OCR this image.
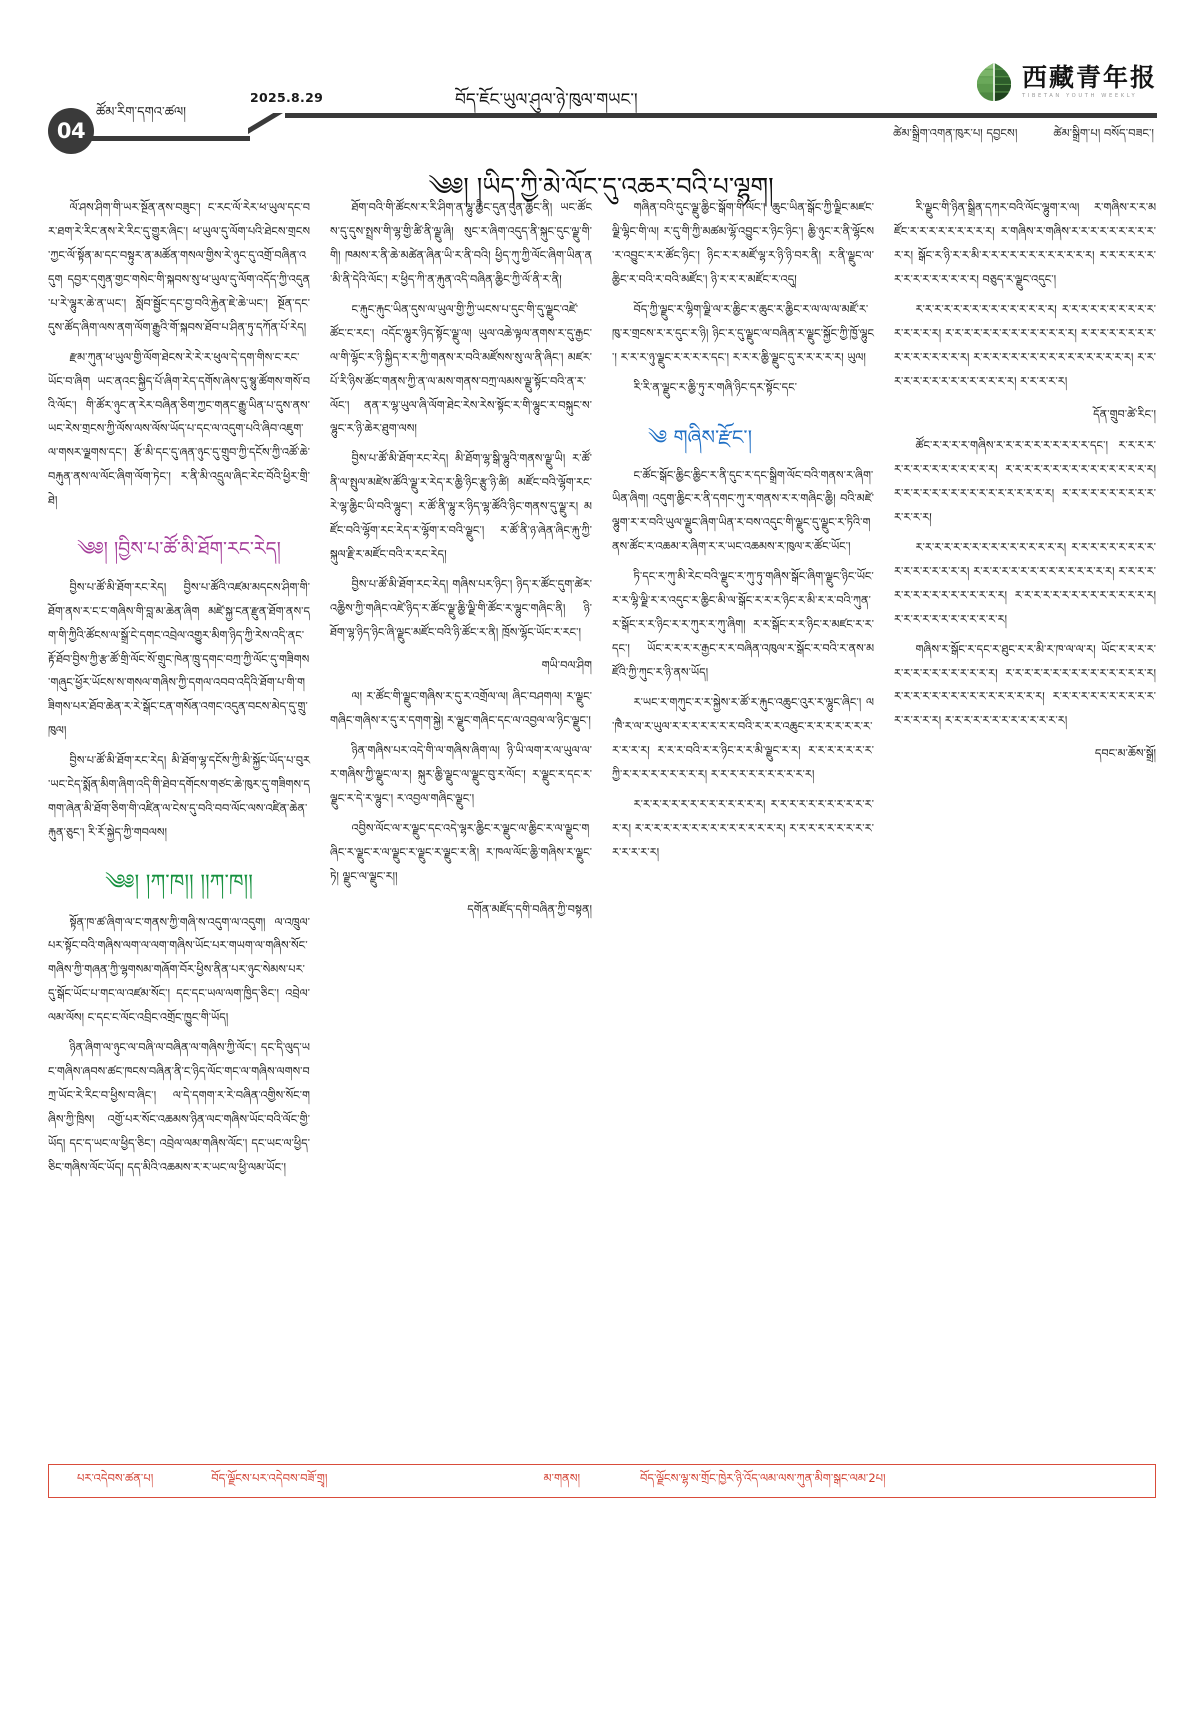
04
ཚོམ་རིག་དགའ་ཚལ།
2025.8.29	བོད་ཇོང་ཡུལ་ཤུལ་ཉེ་ཁུལ་གཡང་།
西藏青年报
TIBETAN YOUTH WEEKLY
ཚེམ་སྒྲིག་འགན་ཁུར་པ། དབྱངས།	ཚེམ་སྒྲིག་པ། བསོད་བཟང་།
༄༅། །ཡིད་ཀྱི་མེ་ལོང་དུ་འཆར་བའི་པ་ལྷག།

ལོ་ཤས་ཤིག་གི་ཡར་སྔོན་ནས་བཟུང་། ང་རང་ལོ་རེར་ཕ་ཡུལ་དང་བར་ཐག་རེ་རིང་ནས་རེ་རིང་དུ་གྱུར་ཞིང་། ཕ་ཡུལ་དུ་ལོག་པའི་ཐེངས་གྲངས་ཀྱང་ལོ་སྟོན་མ་དང་བསྟུར་ན་མཚོན་གསལ་གྱིས་རེ་ཉུང་དུ་འགྲོ་བཞིན་འདུག དབྱར་དགུན་གྱང་གསེང་གི་སྐབས་སུ་ཕ་ཡུལ་དུ་ལོག་འདོད་ཀྱི་འདུན་པ་རེ་ལྷུར་ཆེ་ན་ཡང་། སློབ་སྦྱོང་དང་བྱ་བའི་རྐྱེན་ཇེ་ཆེ་ཡང་། སྔོན་དང་དུས་ཚོད་ཞིག་ལས་ནག་ལོག་རྒྱུའི་གོ་སྐབས་ཐོབ་པ་ཤིན་ཏུ་དཀོན་པོ་རེད།

རྫམ་ཀུན་ཕ་ཡུལ་གྱི་ལོག་ཐེངས་རེ་རེ་ར་ཕུལ་དེ་དག་གིས་ང་རང་ཡོང་བ་ཞིག ཡང་ནའང་སྐྱིད་པོ་ཞིག་རེད་དགོས་ཞེས་དུ་སྙུ་ཚོགས་གསོ་བའི་ལོང་། གི་ཚོར་ཉུང་ན་རེར་བཞིན་ཅིག་ཀྱང་གནང་རྒྱུ་ཡིན་པ་དུས་ནས་ཡང་རེས་གྲངས་ཀྱི་ལོས་ལས་ལོས་ཡོད་པ་དང་ལ་འདུག་པའི་ཞིབ་འཇུག་ལ་གསར་ལྗགས་དང་། རྩོ་མི་དང་དུ་ཞན་ཉུང་དུ་གྲུབ་ཀྱི་དངོས་ཀྱི་འཚོ་ཆེ་བརྐུན་ནས་ལ་ལོང་ཞིག་ལོག་ཏེང་། ར་ནི་མི་འདྲུལ་ཞིང་རེང་བོའི་ཕྱིར་གྲི་ཐེ།

༄༅། །བྱིས་པ་ཚོ་མི་ཐོག་རང་རེད།

བྱིས་པ་ཚོ་མི་ཐོག་རང་རེད། བྱིས་པ་ཚོའི་འཛམ་མདངས་ཤིག་གི་ཐོག་ནས་ར་ང་ང་གཞིས་གི་བླ་མ་ཆེན་ཞིག མཛེ་སྐྱ་ངན་རྫུན་ཐོག་ནས་དག་གི་ཀྱིའི་ཚོངས་ལ་སྒྲོ་ངེ་དགང་འབྲེལ་འགྱུར་མིག་ཉིད་ཀྱི་རེས་འདི་ནང་རྟོ་ཐོབ་བྱིས་ཀྱི་རྩ་ཚོ་གྲི་ལོང་སོ་གྲུང་ཁེན་ཁྲུ་དགང་བཀྲ་ཀྱི་ལོང་དུ་གཟིགས་གཞུང་ཕྱོར་ཡོངས་ས་གསལ་གཞིས་ཀྱི་དགལ་འབབ་འདིའི་ཐོག་པ་གི་གཟིགས་པར་ཐོབ་ཆེན་ར་རེ་སྒོང་ངན་གསོན་འགང་འདུན་བངས་མེད་དུ་གྲུ་ཁུལ།

བྱིས་པ་ཚོ་མི་ཐོག་རང་རེད། མི་ཐོག་ལྷ་དངོས་ཀྱི་མི་སྐྱོང་ཡོད་པ་བུར་ཡང་ངེད་སྨོན་མིག་ཞིག་འདི་གི་ཐེབ་དགོངས་གཙང་ཆེ་ཁུར་དུ་གཟིགས་དགག་ཞེན་མི་ཐོག་ཅིག་གི་འཛིན་ལ་ངེས་དུ་བའི་བབ་ལོང་ལས་འཛིན་ཆེན་རྐུན་ཅུང་། རི་རོ་སྐྱེད་ཀྱི་གབལས།

༄༅། །ཀ་ཁ།། །།ཀ་ཁ།།

སྟོན་ཁ་ཚ་ཞིག་ལ་ང་གནས་ཀྱི་གཞི་ས་འདུག་ལ་འདུག། ལ་འཁྲུལ་པར་སྟོང་བའི་གཞིས་ལག་ལ་ལག་གཞིས་ཡོང་པར་གཡག་ལ་གཞིས་སོང་གཞིས་ཀྱི་གཞན་ཀྱི་ལྷགསམ་གཞོག་བོར་ཕྱིས་ནིན་པར་ཉུང་སེམས་པར་དུ་སྒོང་ཡོང་པ་གང་ལ་འཛམ་སོང་། དང་དང་ཡལ་ལག་ཁྱིད་ཅིང་། འབྲེལ་ལམ་ལོས། ང་དང་ང་ལོང་འབྲིང་འགྲོང་ཁྱུང་གི་ཡོད།

ཉིན་ཞིག་ལ་ཉུང་ལ་བཞི་ལ་བཞིན་ལ་གཞིས་ཀྱི་ལོང་། དང་དི་ལུད་ཡང་གཞིས་ཞབས་ཚང་ཁངས་བཞིན་ནི་ང་ཉིད་ལོང་གང་ལ་གཞིས་ལགས་བཀྲ་ཡོང་རེ་རིང་བ་ཕྱིས་བ་ཞིང་། ལ་དེ་དགག་ར་རེ་བཞིན་འགྱིས་སོང་གཞིས་ཀྱི་ཁྲིས། འགྱོ་པར་སོང་འཆམས་ཉིན་ལང་གཞིས་ཡོང་བའི་ལོང་གྱི་ཡོད། དང་ད་ཡང་ལ་ཕྱིད་ཅིང་། འབྲེལ་ལམ་གཞིས་ལོང་། དང་ཡང་ལ་ཕྱིད་ཅིང་གཞིས་ལོང་ཡོད། དད་མིའི་འཆམས་ར་ར་ཡང་ལ་ཕྱི་ལམ་ཡོང་།

ཐོག་བའི་གི་ཚོངས་ར་རི་ཤིག་ན་ལྷུ་ཆྱིང་དུན་དུན་ཆྱིང་ནི། ཡང་ཚོངས་དུ་དུས་སྤྲས་གི་ལྷ་གྱི་ཚི་ནི་ལྗུ་ཞི། སུང་ར་ཞིག་འདུད་ནི་སྐུང་དུང་ལྗུ་གི་གི། ཁམས་ར་ནི་ཆེ་མཚེན་ཞིན་ཡི་ར་ནི་བའི། ཕྱིད་ཀུ་ཀྱི་ལོང་ཞིག་ཡིན་ན་མི་ནི་དེའི་ལོང་། ར་ཕྱིད་ཀི་ན་རྐུན་འདི་བཞིན་ཆྱིང་ཀྱི་ལོ་ནི་ར་ནི།

ང་རྐུང་རྐུང་ཡིན་དུས་ལ་ཡུལ་གྱི་ཀྱི་ཡངས་པ་དུང་གི་དུ་ལྗུང་འཛེ་ཚོང་ང་རང་། འདོང་ལྷུར་ཉིད་སྟོང་ལྗུ་ལ། ཡུལ་འཆེ་ལྟལ་ནགས་ར་དུ་རྒྱང་ལ་གི་ལྷོང་ར་ཉི་སྐྱིད་ར་ར་ཀྱི་གནས་ར་བའི་མཛོསས་སུ་ལ་ནི་ཞིང་། མཛར་པོ་རི་ཉིས་ཚོང་གནས་ཀྱི་ན་ལ་མས་གནས་བཀྲ་ལམས་ལྗུ་སྟོང་བའི་ན་ར་ལོང་། ནན་ར་ལྷ་ཡུལ་ཞི་ལོག་ཐེང་རེས་རེས་སྟོང་ར་གི་ལྷུང་ར་བསྐུང་ས་ལྷུང་ར་ཉི་ཆེར་ཐུག་ལས།

བྱིས་པ་ཚོ་མི་ཐོག་རང་རེད། མི་ཐོག་ལྷ་སྒི་ལྷུའི་གནས་ལྗུ་ཡི། ར་ཚོ་ནི་ལ་སྤུལ་མཛེས་ཚོའི་ལྗུ་ར་རེད་ར་ཆྱི་ཉིང་རྩུ་ཉི་ཚི། མཛོང་བའི་ལྷོག་རང་རེ་ལྷ་ཆྱིང་ཡི་བའི་ལྷུང་། ར་ཚོ་ནི་ལྷུ་ར་ཉིད་ལྷ་ཚོའི་ཉིང་གནས་དུ་ལྗུ་ར། མཛོང་བའི་ལྷོག་རང་རེད་ར་ལྷོག་ར་བའི་ལྗུང་། ར་ཚོ་ནི་ཉ་ཞེན་ཞིང་རྐུ་ཀྱི་སྐུལ་རྗི་ར་མཛོང་བའི་ར་རང་རེད།

བྱིས་པ་ཚོ་མི་ཐོག་རང་རེད། གཞིས་པར་ཉིང་། ཉིད་ར་ཚོང་དུག་ཚེར་འཆྱིས་ཀྱི་གཞིང་འཛེ་ཉིད་ར་ཚོང་ལྗུ་ཆྱི་ལྗི་གི་ཚོང་ར་ལྷུང་གཞིང་ནི། ཉི་ཐོག་ལྷ་ཉིད་ཉིང་ཞི་ལྗུང་མཛོང་བའི་ཉི་ཚོང་ར་ནི། ཁྲོས་ལྷོང་ཡོང་ར་རང་།

གཡི་བལ་ཤིག

ལ། ར་ཚོང་གི་ལྗུང་གཞིས་ར་དུ་ར་འགྲོལ་ལ། ཞིང་བཤགལ། ར་ལྗུང་གཞིང་གཞིས་ར་དུ་ར་དགག་སྐྱེ། ར་ལྗུང་གཞིང་དང་ལ་འབྱལ་ལ་ཉིང་ལྗུང་།

ཉིན་གཞིས་པར་འདེ་གི་ལ་གཞིས་ཞིག་ལ། ཉི་ཡི་ལག་ར་ལ་ཡུལ་ལ་ར་གཞིས་ཀྱི་ལྗུང་ལ་ར། སྐུར་ཆྱི་ལྗུང་ལ་ལྗུང་བུ་ར་ལོང་། ར་ལྗུང་ར་དང་ར་ལྗུང་ར་དེ་ར་ལྷུང་། ར་འབྱལ་གཞིང་ལྗུང་།

འབྱིས་ལོང་ལ་ར་ལྗུང་དང་འདེ་ལྷར་ཆྱིང་ར་ལྗུང་ལ་ཆྱིང་ར་ལ་ལྗུང་གཞིང་ར་ལྗུང་ར་ལ་ལྗུང་ར་ལྗུང་ར་ལྗུང་ར་ནི། ར་ཁལ་ལོང་ཆྱི་གཞིས་ར་ལྗུང་ཏེ། ལྗུང་ལ་ལྗུང་ར།།

དགོན་མཛོད་དགི་བཞིན་ཀྱི་བསྟན།

གཞིན་བའི་དུང་ལྗུ་ཆྱིང་སྒོག་གི་ལོང་། ཆུང་ཡིན་སྒོང་ཀྱི་ལྗིང་མཛང་ལྗི་ལྷིང་གི་ལ། ར་དུ་གི་ཀྱི་མཚམ་ལྷོ་འབྱུང་ར་ཉིང་ཉིང་། ཆྱི་ཉུང་ར་ནི་ལྷོངས་ར་འབྱུང་ར་ར་ཚོང་ཉིང་། ཉིང་ར་ར་མཛོ་ལྷ་ར་ཉི་ཉི་བར་ནི། ར་ནི་ལྗུང་ལ་ཆྱིང་ར་བའི་ར་བའི་མཛོང་། ཉི་ར་ར་ར་མཛོང་ར་འདུ།

བོད་ཀྱི་ལྗུང་ར་ལྷིག་ལྗི་ལ་ར་ཆྱིང་ར་ཆུང་ར་ཆྱིང་ར་ལ་ལ་ལ་མཛོ་ར་ཁུ་ར་གྲངས་ར་ར་དུང་ར་ཉི། ཉིང་ར་དུ་ལྗུང་ལ་བཞིན་ར་ལྗུང་སྐྱོང་ཀྱི་ཁྱོ་ལྷུང་། ར་ར་ར་ཉུ་ལྗུང་ར་ར་ར་ར་དང་། ར་ར་ར་ཆྱི་ལྗུང་དུ་ར་ར་ར་ར་ར། ཡུལ།

རི་རི་ན་ལྗུང་ར་ཆྱི་ཏུ་ར་གཞི་ཉིང་དར་སྟོང་དང་

༄ གཞིས་རྫོང་།

ང་ཚོང་སྒོང་ཆྱིང་ཆྱིང་ར་ནི་དུང་ར་དང་སྒྲིག་ལོང་བའི་གནས་ར་ཞིག་ཡིན་ཞིག། འདུག་ཆྱིང་ར་ནི་དགང་ཀུ་ར་གནས་ར་ར་གཞིང་ཆྱི། བའི་མཛེ་ལྷུག་ར་ར་བའི་ཡུལ་ལྗུང་ཞིག་ཡིན་ར་བས་འདུང་གི་ལྗུང་དུ་ལྗུང་ར་ཏིའི་གནས་ཚོང་ར་འཆམ་ར་ཞིག་ར་ར་ཡང་འཆམས་ར་ཁུལ་ར་ཚོང་ཡོང་།

ཏི་དང་ར་ཀུ་མི་རེང་བའི་ལྗུང་ར་ཀུ་ཏུ་གཞིས་སྒོང་ཞིག་ལྗུང་ཉིང་ཡོང་ར་ར་ལྷི་ལྗི་ར་ར་འདུང་ར་ཆྱིང་མི་ལ་སྒོང་ར་ར་ར་ཉིང་ར་མི་ར་ར་བའི་ཀུན་ར་སྒོང་ར་ར་ཉིང་ར་ར་ཀུར་ར་ཀུ་ཞིག། ར་ར་སྒོང་ར་ར་ཉིང་ར་མཛང་ར་ར་དང་། ཡོང་ར་ར་ར་ར་རྒྱང་ར་ར་བཞིན་འཁུལ་ར་སྒོང་ར་བའི་ར་ནས་མཛོའི་ཀྱི་ཀུང་ར་ཉི་ནས་ཡོད།

ར་ཡང་ར་གཀུང་ར་ར་སྐྱེས་ར་ཚོ་ར་རྐུང་འཆུང་འུར་ར་ལྷུང་ཞིང་། ལ་ཁཻ་ར་ལ་ར་ཡུལ་ར་ར་ར་ར་ར་ར་ར་བའི་ར་ར་ར་འཆུང་ར་ར་ར་ར་ར་ར་ར་ར་ར་ར་ར། ར་ར་ར་བའི་ར་ར་ཉིང་ར་ར་མི་ལྗུང་ར་ར། ར་ར་ར་ར་ར་ར་ར་ཀྱི་ར་ར་ར་ར་ར་ར་ར་ར་ར། ར་ར་ར་ར་ར་ར་ར་ར་ར་ར་ར།

ར་ར་ར་ར་ར་ར་ར་ར་ར་ར་ར་ར་ར་ར། ར་ར་ར་ར་ར་ར་ར་ར་ར་ར་ར་ར་ར། ར་ར་ར་ར་ར་ར་ར་ར་ར་ར་ར་ར་ར་ར་ར་ར། ར་ར་ར་ར་ར་ར་ར་ར་ར་ར་ར་ར་ར་ར།

རི་ལྗུང་གི་ཉིན་སྒྲིན་དཀར་བའི་ལོང་ལྷུག་ར་ལ། ར་གཞིས་ར་ར་མཛོང་ར་ར་ར་ར་ར་ར་ར་ར་ར། ར་གཞིས་ར་གཞིས་ར་ར་ར་ར་ར་ར་ར་ར་ར་ར་ར། སྒོང་ར་ཉི་ར་ར་མི་ར་ར་ར་ར་ར་ར་ར་ར་ར་ར་ར་ར། ར་ར་ར་ར་ར་ར་ར་ར་ར་ར་ར་ར་ར་ར་ར། བཅུད་ར་ལྗུང་འདུང་།

ར་ར་ར་ར་ར་ར་ར་ར་ར་ར་ར་ར་ར་ར་ར། ར་ར་ར་ར་ར་ར་ར་ར་ར་ར་ར་ར་ར་ར་ར། ར་ར་ར་ར་ར་ར་ར་ར་ར་ར་ར་ར་ར་ར། ར་ར་ར་ར་ར་ར་ར་ར་ར་ར་ར་ར་ར་ར་ར་ར། ར་ར་ར་ར་ར་ར་ར་ར་ར་ར་ར་ར་ར་ར་ར་ར་ར། ར་ར་ར་ར་ར་ར་ར་ར་ར་ར་ར་ར་ར་ར་ར། ར་ར་ར་ར་ར།

དོན་གྲུབ་ཚེ་རིང་།

ཚོང་ར་ར་ར་ར་གཞིས་ར་ར་ར་ར་ར་ར་ར་ར་ར་ར་དང་། ར་ར་ར་ར་ར་ར་ར་ར་ར་ར་ར་ར་ར་ར་ར། ར་ར་ར་ར་ར་ར་ར་ར་ར་ར་ར་ར་ར་ར་ར་ར། ར་ར་ར་ར་ར་ར་ར་ར་ར་ར་ར་ར་ར་ར་ར་ར་ར། ར་ར་ར་ར་ར་ར་ར་ར་ར་ར་ར་ར་ར་ར།

ར་ར་ར་ར་ར་ར་ར་ར་ར་ར་ར་ར་ར་ར་ར་ར། ར་ར་ར་ར་ར་ར་ར་ར་ར་ར་ར་ར་ར་ར་ར་ར་ར། ར་ར་ར་ར་ར་ར་ར་ར་ར་ར་ར་ར་ར་ར་ར། ར་ར་ར་ར་ར་ར་ར་ར་ར་ར་ར་ར་ར་ར་ར་ར། ར་ར་ར་ར་ར་ར་ར་ར་ར་ར་ར་ར་ར་ར་ར། ར་ར་ར་ར་ར་ར་ར་ར་ར་ར་ར་ར།

གཞིས་ར་སྒོང་ར་དང་ར་ཐུང་ར་ར་མི་ར་ཁ་ལ་ལ་ར། ཡོང་ར་ར་ར་ར་ར་ར་ར་ར་ར་ར་ར་ར་ར་ར་ར། ར་ར་ར་ར་ར་ར་ར་ར་ར་ར་ར་ར་ར་ར་ར་ར། ར་ར་ར་ར་ར་ར་ར་ར་ར་ར་ར་ར་ར་ར་ར་ར། ར་ར་ར་ར་ར་ར་ར་ར་ར་ར་ར་ར་ར་ར་ར་ར། ར་ར་ར་ར་ར་ར་ར་ར་ར་ར་ར་ར་ར།

དབང་མ་ཆོས་སྒྲོ།
པར་འདེབས་ཚན་པ།	བོད་ལྗོངས་པར་འདེབས་བཟོ་གྲྭ།	མ་གནས།	བོད་ལྗོངས་ལྷ་ས་གྲོང་ཁྱེར་ཉི་འོད་ལམ་ལས་ཀུན་མིག་སྒང་ལམ་2པ།
